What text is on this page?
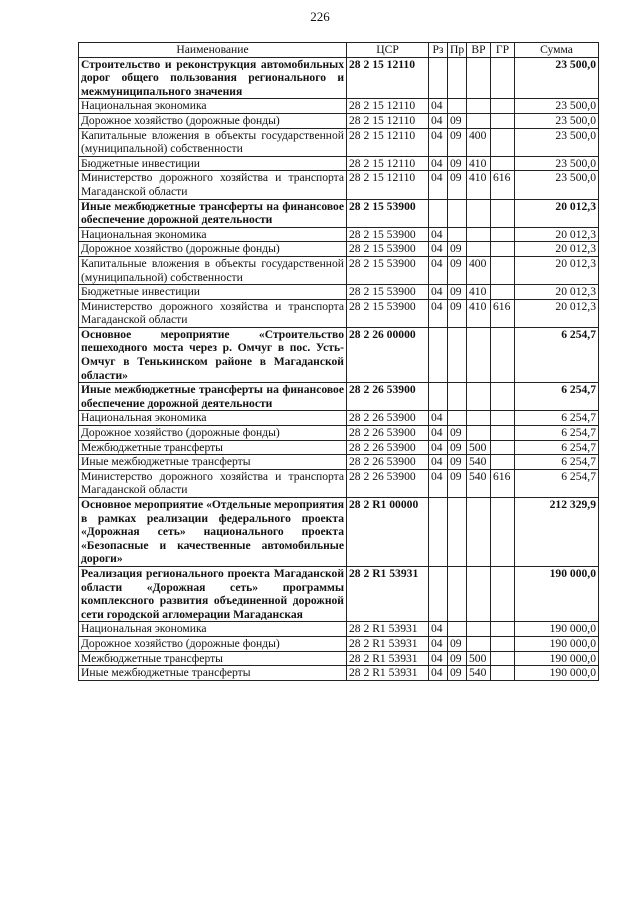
226
Наименование	ЦСР	Рз	Пр	ВР	ГР	Сумма
Строительство и реконструкция автомобильных дорог общего пользования регионального и межмуниципального значения	28 2 15 12110					23 500,0
Национальная экономика	28 2 15 12110	04				23 500,0
Дорожное хозяйство (дорожные фонды)	28 2 15 12110	04	09			23 500,0
Капитальные вложения в объекты государственной (муниципальной) собственности	28 2 15 12110	04	09	400		23 500,0
Бюджетные инвестиции	28 2 15 12110	04	09	410		23 500,0
Министерство дорожного хозяйства и транспорта Магаданской области	28 2 15 12110	04	09	410	616	23 500,0
Иные межбюджетные трансферты на финансовое обеспечение дорожной деятельности	28 2 15 53900					20 012,3
Национальная экономика	28 2 15 53900	04				20 012,3
Дорожное хозяйство (дорожные фонды)	28 2 15 53900	04	09			20 012,3
Капитальные вложения в объекты государственной (муниципальной) собственности	28 2 15 53900	04	09	400		20 012,3
Бюджетные инвестиции	28 2 15 53900	04	09	410		20 012,3
Министерство дорожного хозяйства и транспорта Магаданской области	28 2 15 53900	04	09	410	616	20 012,3
Основное мероприятие «Строительство пешеходного моста через р. Омчуг в пос. Усть-Омчуг в Тенькинском районе в Магаданской области»	28 2 26 00000					6 254,7
Иные межбюджетные трансферты на финансовое обеспечение дорожной деятельности	28 2 26 53900					6 254,7
Национальная экономика	28 2 26 53900	04				6 254,7
Дорожное хозяйство (дорожные фонды)	28 2 26 53900	04	09			6 254,7
Межбюджетные трансферты	28 2 26 53900	04	09	500		6 254,7
Иные межбюджетные трансферты	28 2 26 53900	04	09	540		6 254,7
Министерство дорожного хозяйства и транспорта Магаданской области	28 2 26 53900	04	09	540	616	6 254,7
Основное мероприятие «Отдельные мероприятия в рамках реализации федерального проекта «Дорожная сеть» национального проекта «Безопасные и качественные автомобильные дороги»	28 2 R1 00000					212 329,9
Реализация регионального проекта Магаданской области «Дорожная сеть» программы комплексного развития объединенной дорожной сети городской агломерации Магаданская	28 2 R1 53931					190 000,0
Национальная экономика	28 2 R1 53931	04				190 000,0
Дорожное хозяйство (дорожные фонды)	28 2 R1 53931	04	09			190 000,0
Межбюджетные трансферты	28 2 R1 53931	04	09	500		190 000,0
Иные межбюджетные трансферты	28 2 R1 53931	04	09	540		190 000,0
